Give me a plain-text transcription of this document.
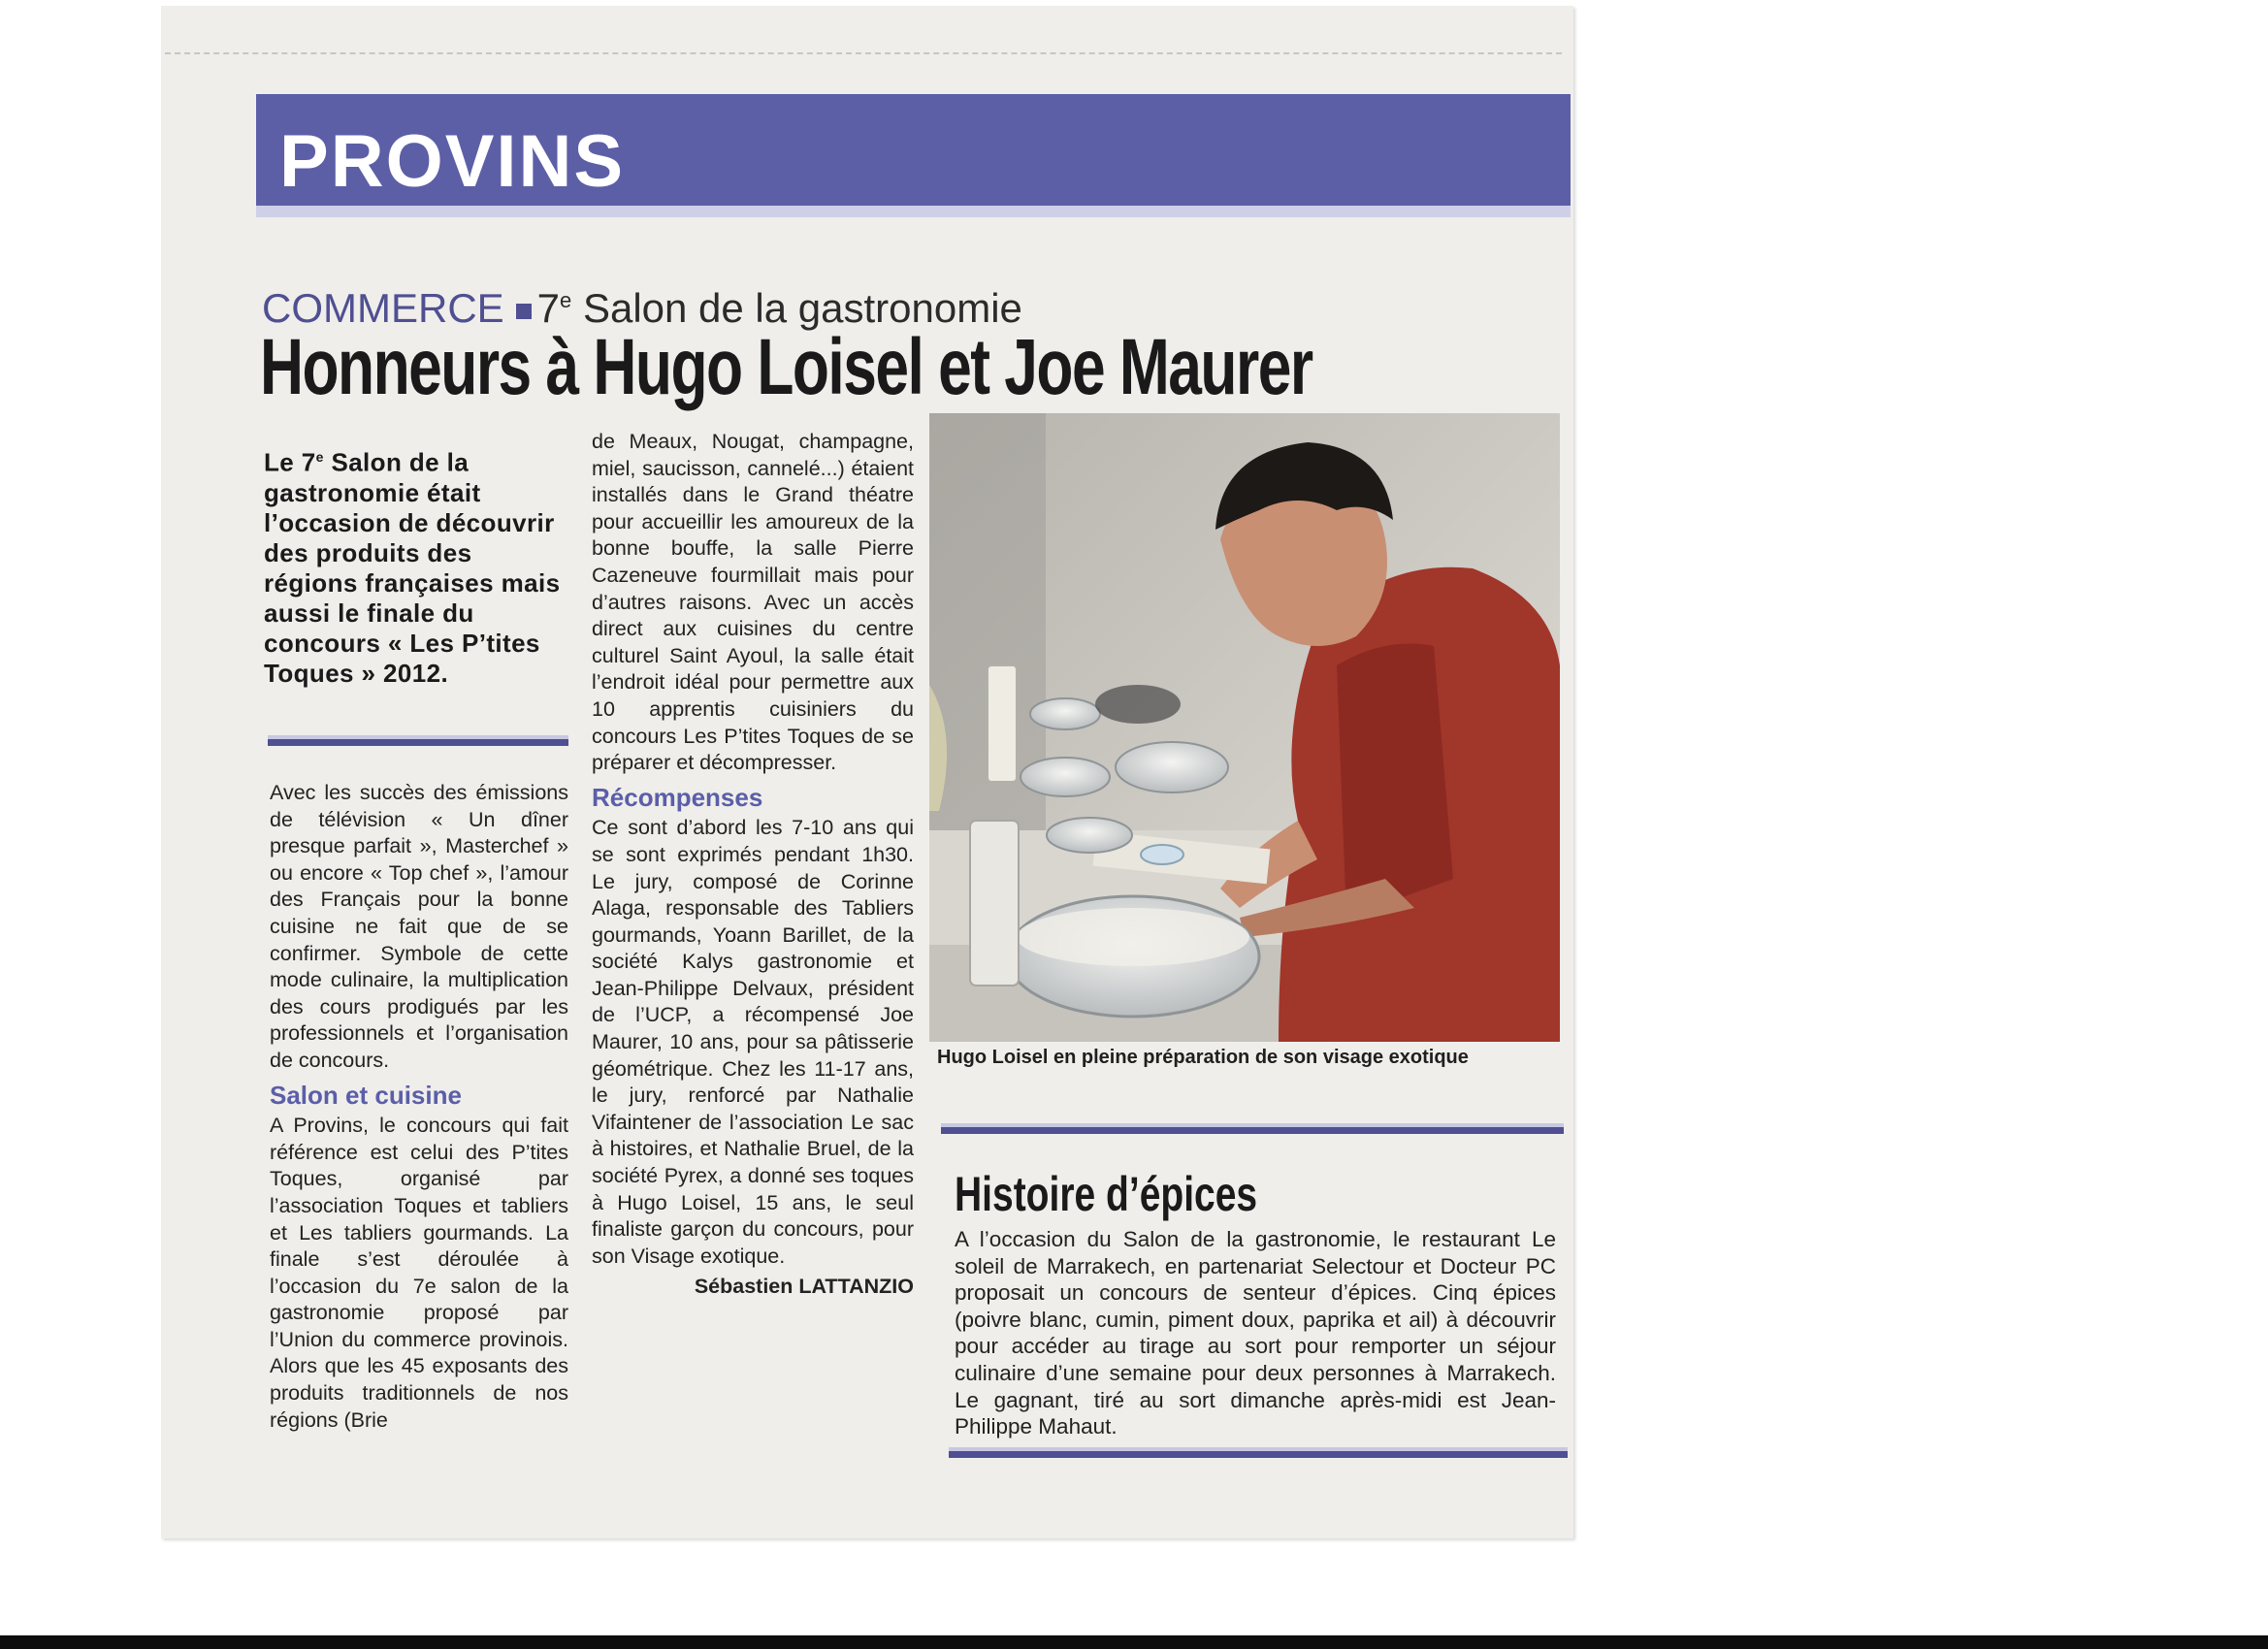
PROVINS
COMMERCE 7e Salon de la gastronomie
Honneurs à Hugo Loisel et Joe Maurer
Le 7e Salon de la gastronomie était l’occasion de découvrir des produits des régions françaises mais aussi le finale du concours « Les P’tites Toques » 2012.

Avec les succès des émissions de télévision « Un dîner presque parfait », Masterchef » ou encore « Top chef », l’amour des Français pour la bonne cuisine ne fait que de se confirmer. Symbole de cette mode culinaire, la multiplication des cours prodigués par les professionnels et l’organisation de concours.

Salon et cuisine

A Provins, le concours qui fait référence est celui des P’tites Toques, organisé par l’association Toques et tabliers et Les tabliers gourmands. La finale s’est déroulée à l’occasion du 7e salon de la gastronomie proposé par l’Union du commerce provinois. Alors que les 45 exposants des produits traditionnels de nos régions (Brie

de Meaux, Nougat, champagne, miel, saucisson, cannelé...) étaient installés dans le Grand théatre pour accueillir les amoureux de la bonne bouffe, la salle Pierre Cazeneuve fourmillait mais pour d’autres raisons. Avec un accès direct aux cuisines du centre culturel Saint Ayoul, la salle était l’endroit idéal pour permettre aux 10 apprentis cuisiniers du concours Les P’tites Toques de se préparer et décompresser.

Récompenses

Ce sont d’abord les 7-10 ans qui se sont exprimés pendant 1h30. Le jury, composé de Corinne Alaga, responsable des Tabliers gourmands, Yoann Barillet, de la société Kalys gastronomie et Jean-Philippe Delvaux, président de l’UCP, a récompensé Joe Maurer, 10 ans, pour sa pâtisserie géométrique. Chez les 11-17 ans, le jury, renforcé par Nathalie Vifaintener de l’association Le sac à histoires, et Nathalie Bruel, de la société Pyrex, a donné ses toques à Hugo Loisel, 15 ans, le seul finaliste garçon du concours, pour son Visage exotique.

Sébastien LATTANZIO
Hugo Loisel en pleine préparation de son visage exotique
Histoire d’épices
A l’occasion du Salon de la gastronomie, le restaurant Le soleil de Marrakech, en partenariat Selectour et Docteur PC proposait un concours de senteur d’épices. Cinq épices (poivre blanc, cumin, piment doux, paprika et ail) à découvrir pour accéder au tirage au sort pour remporter un séjour culinaire d’une semaine pour deux personnes à Marrakech. Le gagnant, tiré au sort dimanche après-midi est Jean-Philippe Mahaut.
